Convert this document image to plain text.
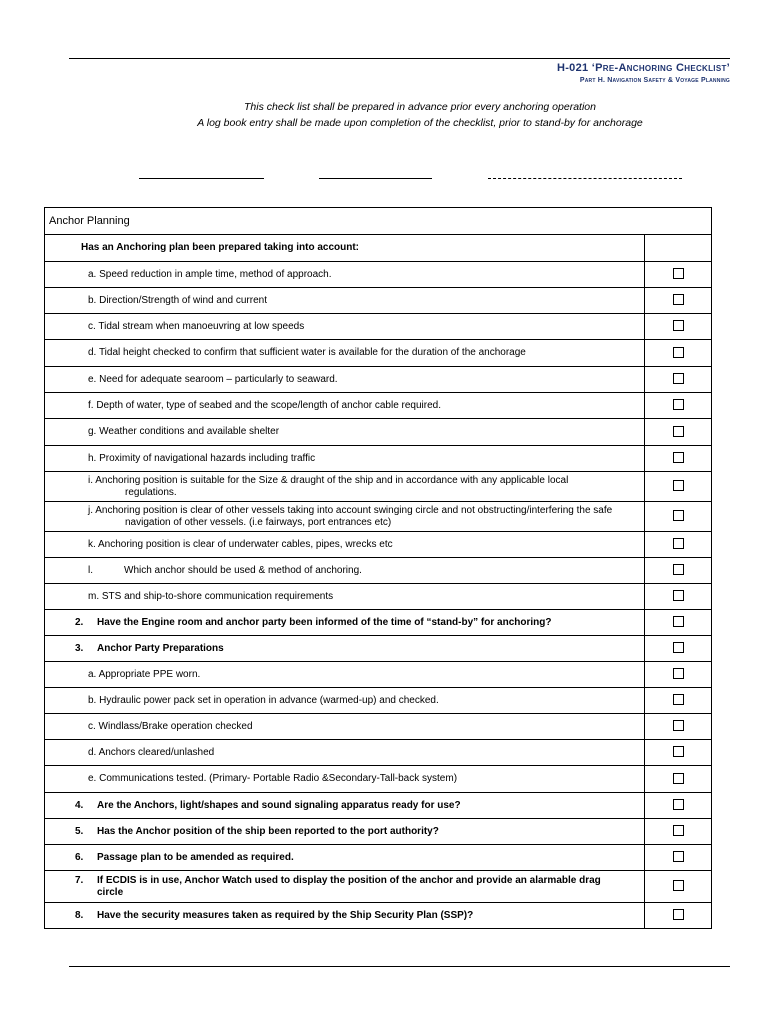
H-021 ‘Pre-Anchoring Checklist’
Part H. Navigation Safety & Voyage Planning
This check list shall be prepared in advance prior every anchoring operation
A log book entry shall be made upon completion of the checklist, prior to stand-by for anchorage
Anchor Planning	
Has an Anchoring plan been prepared taking into account:	
a. Speed reduction in ample time, method of approach.	
b. Direction/Strength of wind and current	
c. Tidal stream when manoeuvring at low speeds	
d. Tidal height checked to confirm that sufficient water is available for the duration of the anchorage	
e. Need for adequate searoom – particularly to seaward.	
f. Depth of water, type of seabed and the scope/length of anchor cable required.	
g. Weather conditions and available shelter	
h. Proximity of navigational hazards including traffic	

i. Anchoring position is suitable for the Size & draught of the ship and in accordance with any applicable local
regulations.	

j. Anchoring position is clear of other vessels taking into account swinging circle and not obstructing/interfering the safe
navigation of other vessels. (i.e fairways, port entrances etc)	

k. Anchoring position is clear of underwater cables, pipes, wrecks etc	
l. Which anchor should be used & method of anchoring.	
m. STS and ship-to-shore communication requirements	
2. Have the Engine room and anchor party been informed of the time of “stand-by” for anchoring?	
3. Anchor Party Preparations	
a. Appropriate PPE worn.	
b. Hydraulic power pack set in operation in advance (warmed-up) and checked.	
c. Windlass/Brake operation checked	
d. Anchors cleared/unlashed	
e. Communications tested. (Primary- Portable Radio &Secondary-Tall-back system)	
4. Are the Anchors, light/shapes and sound signaling apparatus ready for use?	
5. Has the Anchor position of the ship been reported to the port authority?	
6. Passage plan to be amended as required.	
7. If ECDIS is in use, Anchor Watch used to display the position of the anchor and provide an alarmable drag
circle	

8. Have the security measures taken as required by the Ship Security Plan (SSP)?	
